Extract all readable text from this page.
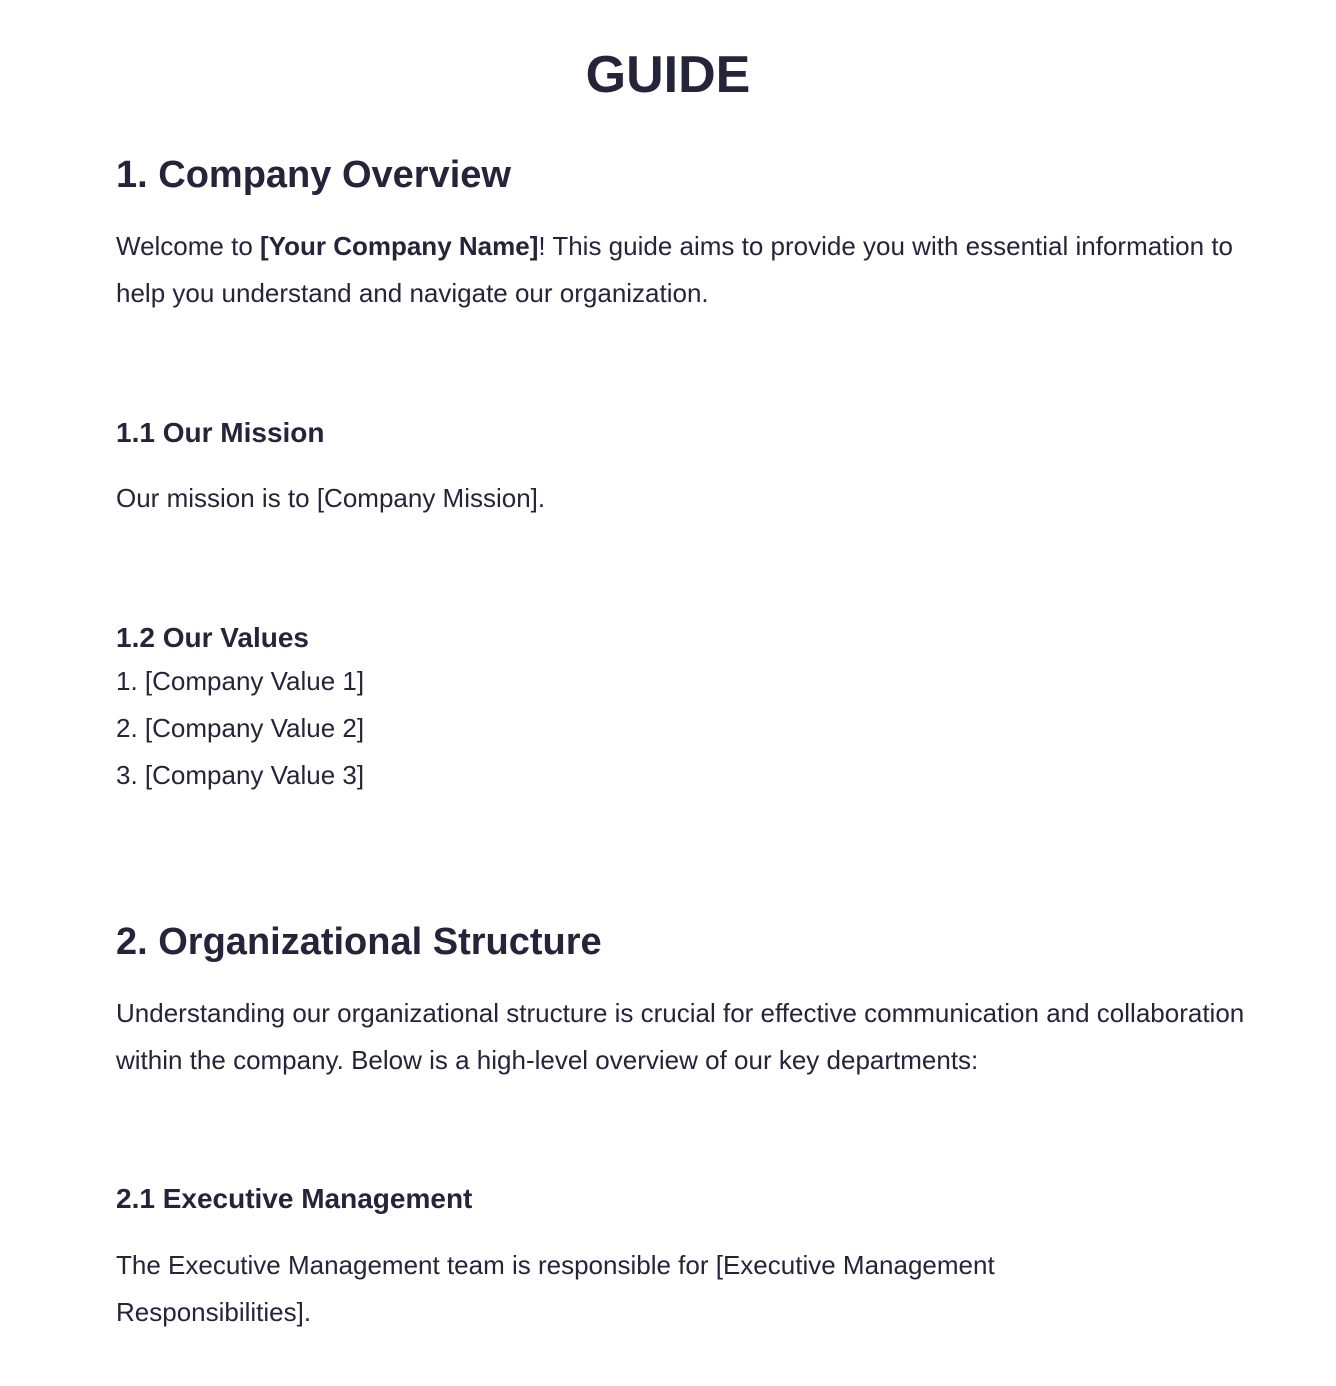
GUIDE
1. Company Overview

Welcome to [Your Company Name]! This guide aims to provide you with essential information to help you understand and navigate our organization.

1.1 Our Mission

Our mission is to [Company Mission].

1.2 Our Values
1. [Company Value 1]
2. [Company Value 2]
3. [Company Value 3]
2. Organizational Structure

Understanding our organizational structure is crucial for effective communication and collaboration within the company. Below is a high-level overview of our key departments:

2.1 Executive Management

The Executive Management team is responsible for [Executive Management Responsibilities].
